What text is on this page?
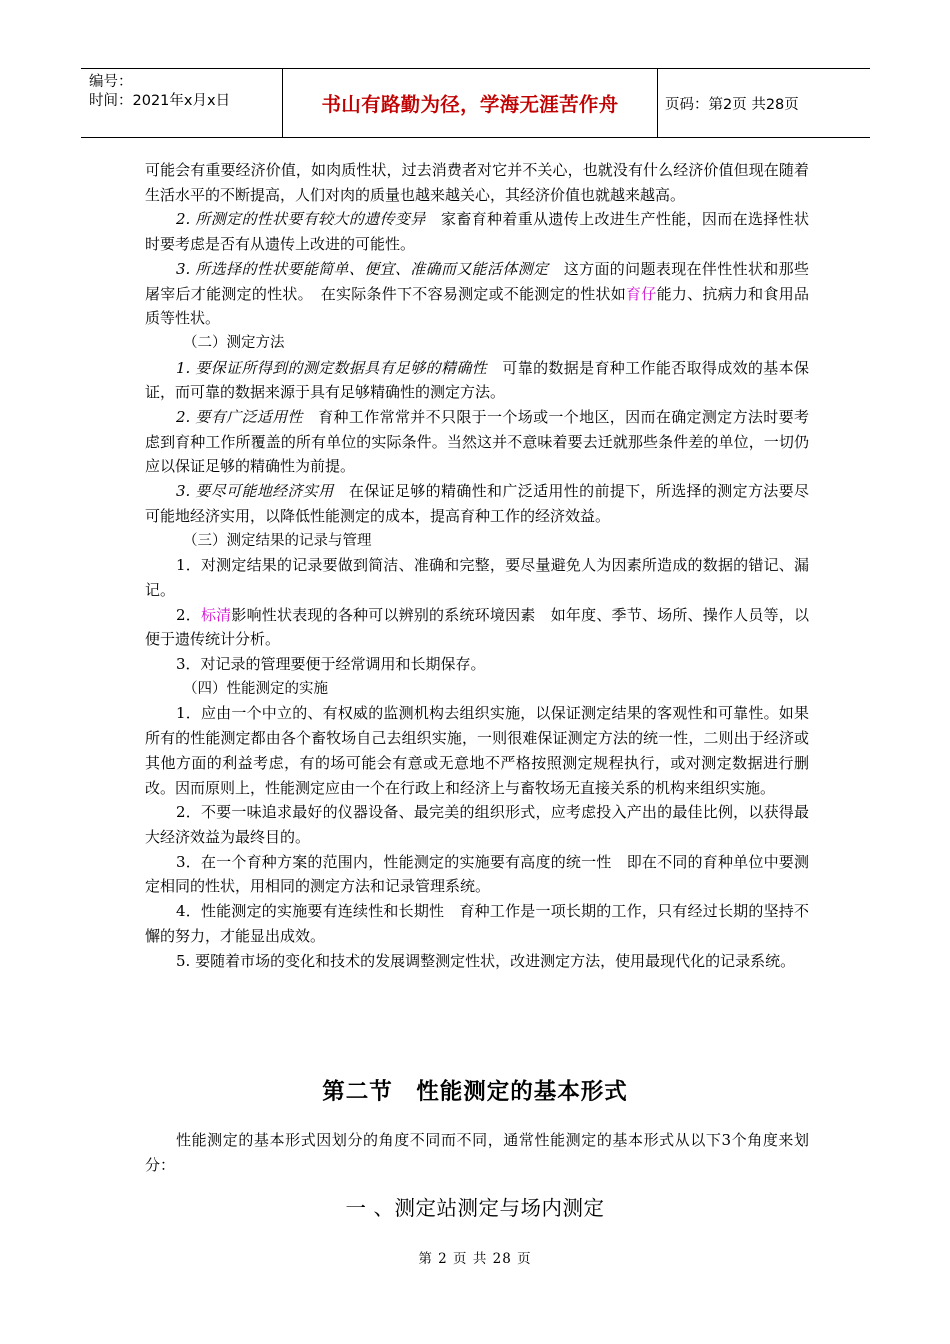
编号：
时间：2021年x月x日	书山有路勤为径，学海无涯苦作舟	页码：第2页 共28页

可能会有重要经济价值，如肉质性状，过去消费者对它并不关心，也就没有什么经济价值但现在随着生活水平的不断提高，人们对肉的质量也越来越关心，其经济价值也就越来越高。

2. 所测定的性状要有较大的遗传变异　家畜育种着重从遗传上改进生产性能，因而在选择性状时要考虑是否有从遗传上改进的可能性。

3. 所选择的性状要能简单、便宜、准确而又能活体测定　这方面的问题表现在伴性性状和那些屠宰后才能测定的性状。　在实际条件下不容易测定或不能测定的性状如育仔能力、抗病力和食用品质等性状。

（二）测定方法

1. 要保证所得到的测定数据具有足够的精确性　可靠的数据是育种工作能否取得成效的基本保证，而可靠的数据来源于具有足够精确性的测定方法。

2. 要有广泛适用性　育种工作常常并不只限于一个场或一个地区，因而在确定测定方法时要考虑到育种工作所覆盖的所有单位的实际条件。当然这并不意味着要去迁就那些条件差的单位，一切仍应以保证足够的精确性为前提。

3. 要尽可能地经济实用　在保证足够的精确性和广泛适用性的前提下，所选择的测定方法要尽可能地经济实用，以降低性能测定的成本，提高育种工作的经济效益。

（三）测定结果的记录与管理

1．对测定结果的记录要做到简洁、准确和完整，要尽量避免人为因素所造成的数据的错记、漏记。

2．标清影响性状表现的各种可以辨别的系统环境因素　如年度、季节、场所、操作人员等，以便于遗传统计分析。

3．对记录的管理要便于经常调用和长期保存。

（四）性能测定的实施

1．应由一个中立的、有权威的监测机构去组织实施，以保证测定结果的客观性和可靠性。如果所有的性能测定都由各个畜牧场自己去组织实施，一则很难保证测定方法的统一性，二则出于经济或其他方面的利益考虑，有的场可能会有意或无意地不严格按照测定规程执行，或对测定数据进行删改。因而原则上，性能测定应由一个在行政上和经济上与畜牧场无直接关系的机构来组织实施。

2．不要一味追求最好的仪器设备、最完美的组织形式，应考虑投入产出的最佳比例，以获得最大经济效益为最终目的。

3．在一个育种方案的范围内，性能测定的实施要有高度的统一性　即在不同的育种单位中要测定相同的性状，用相同的测定方法和记录管理系统。

4．性能测定的实施要有连续性和长期性　育种工作是一项长期的工作，只有经过长期的坚持不懈的努力，才能显出成效。

5. 要随着市场的变化和技术的发展调整测定性状，改进测定方法，使用最现代化的记录系统。

第二节　性能测定的基本形式

性能测定的基本形式因划分的角度不同而不同，通常性能测定的基本形式从以下3个角度来划分：

一 、测定站测定与场内测定
第 2 页 共 28 页
